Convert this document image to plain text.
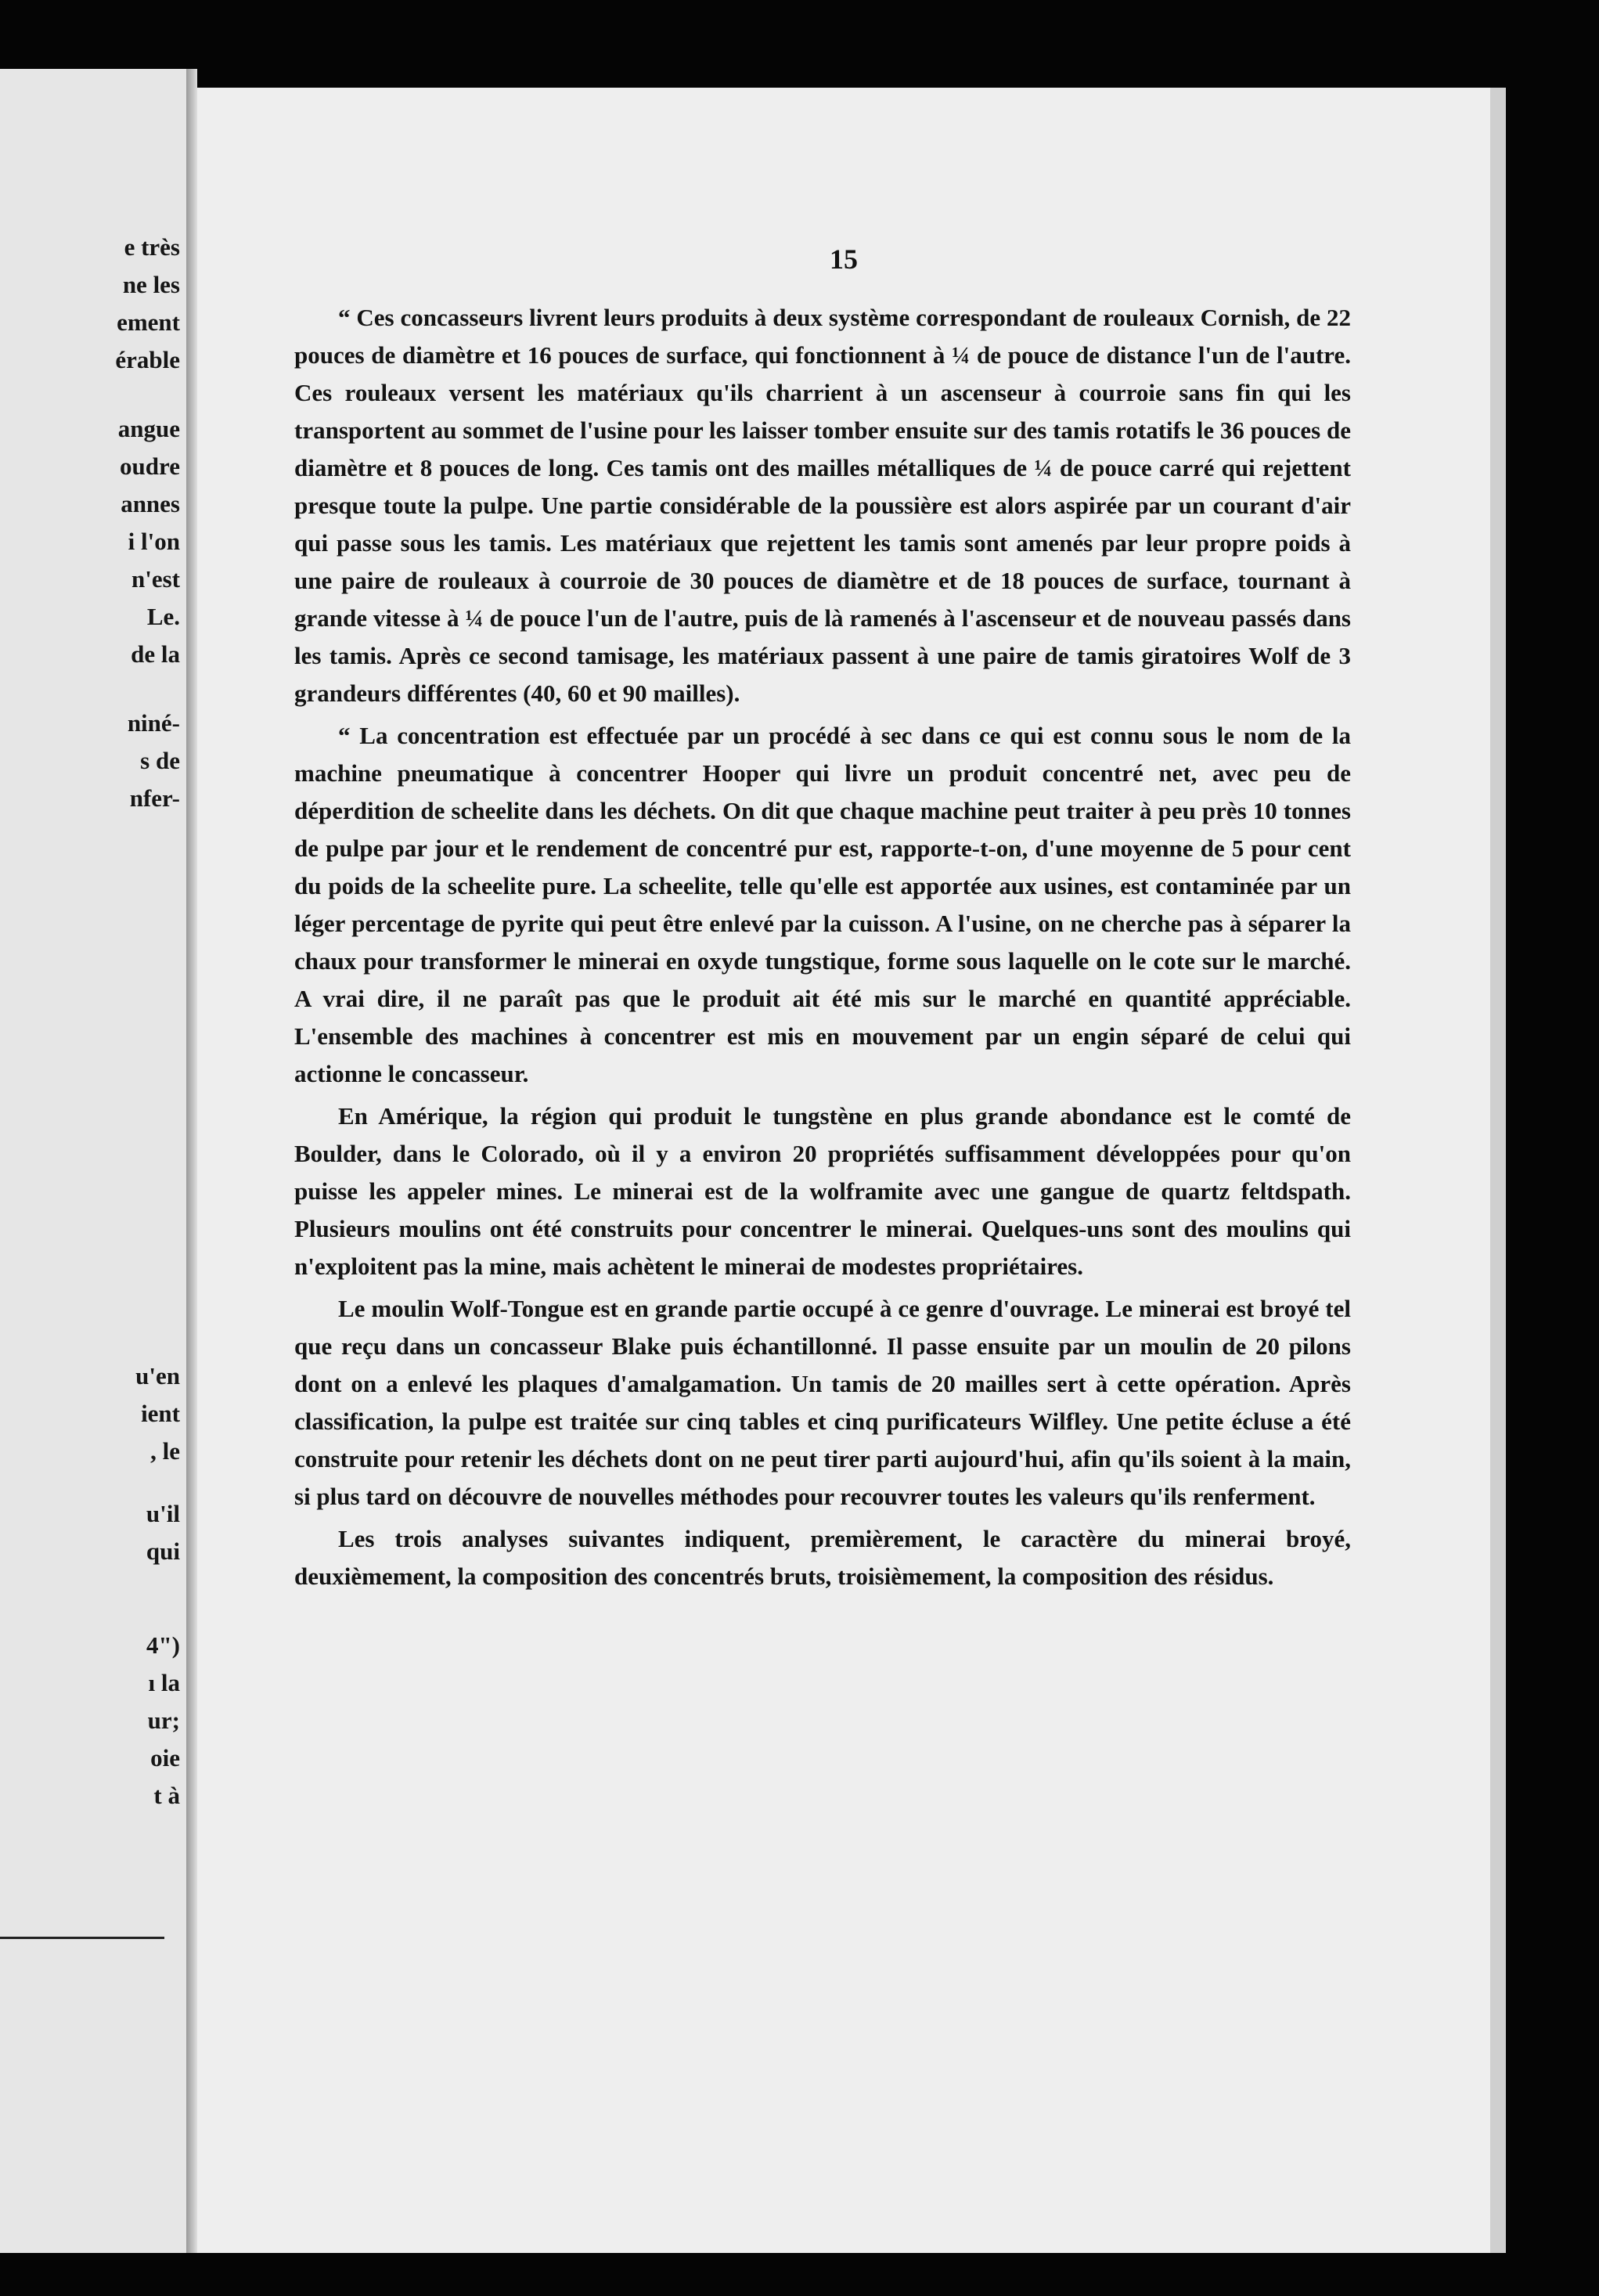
e très
ne les
ement
érable
angue
oudre
annes
i l'on
n'est
Le.
de la
niné-
s de
nfer-
u'en
ient
, le
u'il
qui
4")
ı la
ur;
oie
t à

15

“ Ces concasseurs livrent leurs produits à deux système correspondant de rouleaux Cornish, de 22 pouces de diamètre et 16 pouces de surface, qui fonctionnent à ¼ de pouce de distance l'un de l'autre. Ces rouleaux versent les matériaux qu'ils charrient à un ascenseur à courroie sans fin qui les transportent au sommet de l'usine pour les laisser tomber ensuite sur des tamis rotatifs le 36 pouces de diamètre et 8 pouces de long. Ces tamis ont des mailles métalliques de ¼ de pouce carré qui rejettent presque toute la pulpe. Une partie considérable de la poussière est alors aspirée par un courant d'air qui passe sous les tamis. Les matériaux que rejettent les tamis sont amenés par leur propre poids à une paire de rouleaux à courroie de 30 pouces de diamètre et de 18 pouces de surface, tournant à grande vitesse à ¼ de pouce l'un de l'autre, puis de là ramenés à l'ascenseur et de nouveau passés dans les tamis. Après ce second tamisage, les matériaux passent à une paire de tamis giratoires Wolf de 3 grandeurs différentes (40, 60 et 90 mailles).

“ La concentration est effectuée par un procédé à sec dans ce qui est connu sous le nom de la machine pneumatique à concentrer Hooper qui livre un produit concentré net, avec peu de déperdition de scheelite dans les déchets. On dit que chaque machine peut traiter à peu près 10 tonnes de pulpe par jour et le rendement de concentré pur est, rapporte-t-on, d'une moyenne de 5 pour cent du poids de la scheelite pure. La scheelite, telle qu'elle est apportée aux usines, est contaminée par un léger percentage de pyrite qui peut être enlevé par la cuisson. A l'usine, on ne cherche pas à séparer la chaux pour transformer le minerai en oxyde tungstique, forme sous laquelle on le cote sur le marché. A vrai dire, il ne paraît pas que le produit ait été mis sur le marché en quantité appréciable. L'ensemble des machines à concentrer est mis en mouvement par un engin séparé de celui qui actionne le concasseur.

En Amérique, la région qui produit le tungstène en plus grande abondance est le comté de Boulder, dans le Colorado, où il y a environ 20 propriétés suffisamment développées pour qu'on puisse les appeler mines. Le minerai est de la wolframite avec une gangue de quartz feltdspath. Plusieurs moulins ont été construits pour concentrer le minerai. Quelques-uns sont des moulins qui n'exploitent pas la mine, mais achètent le minerai de modestes propriétaires.

Le moulin Wolf-Tongue est en grande partie occupé à ce genre d'ouvrage. Le minerai est broyé tel que reçu dans un concasseur Blake puis échantillonné. Il passe ensuite par un moulin de 20 pilons dont on a enlevé les plaques d'amalgamation. Un tamis de 20 mailles sert à cette opération. Après classification, la pulpe est traitée sur cinq tables et cinq purificateurs Wilfley. Une petite écluse a été construite pour retenir les déchets dont on ne peut tirer parti aujourd'hui, afin qu'ils soient à la main, si plus tard on découvre de nouvelles méthodes pour recouvrer toutes les valeurs qu'ils renferment.

Les trois analyses suivantes indiquent, premièrement, le caractère du minerai broyé, deuxièmement, la composition des concentrés bruts, troisièmement, la composition des résidus.
